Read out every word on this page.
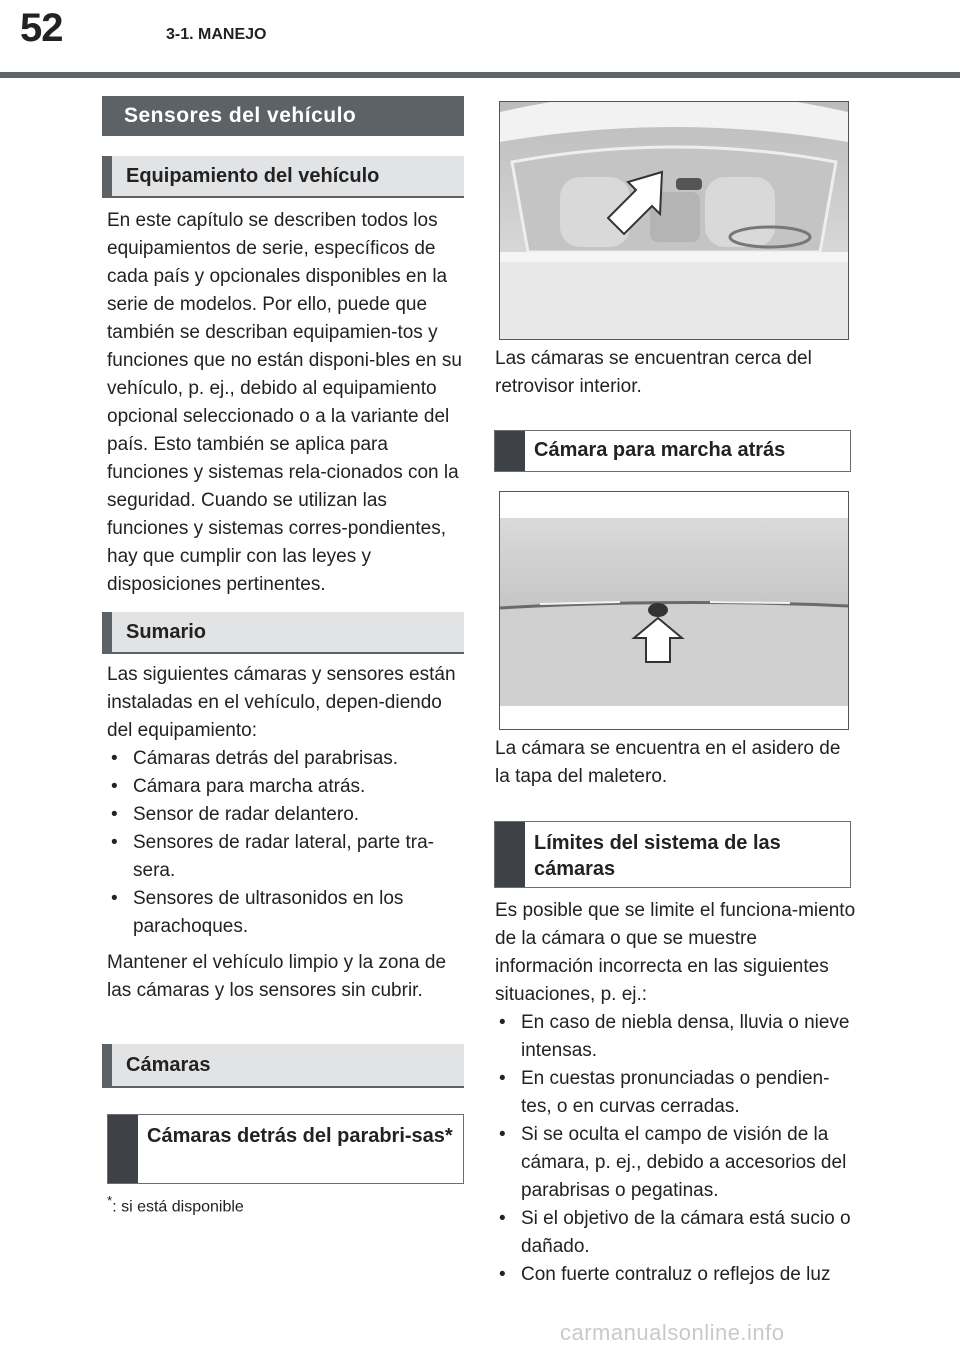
52	3-1. MANEJO
Sensores del vehículo
Equipamiento del vehículo

En este capítulo se describen todos los equipamientos de serie, específicos de cada país y opcionales disponibles en la serie de modelos. Por ello, puede que también se describan equipamien-tos y funciones que no están disponi-bles en su vehículo, p. ej., debido al equipamiento opcional seleccionado o a la variante del país. Esto también se aplica para funciones y sistemas rela-cionados con la seguridad. Cuando se utilizan las funciones y sistemas corres-pondientes, hay que cumplir con las leyes y disposiciones pertinentes.

Sumario

Las siguientes cámaras y sensores están instaladas en el vehículo, depen-diendo del equipamiento:

• Cámaras detrás del parabrisas.
• Cámara para marcha atrás.
• Sensor de radar delantero.
• Sensores de radar lateral, parte tra-sera.
• Sensores de ultrasonidos en los parachoques.

Mantener el vehículo limpio y la zona de las cámaras y los sensores sin cubrir.

Cámaras
Cámaras detrás del parabri-sas*
*: si está disponible

Las cámaras se encuentran cerca del retrovisor interior.

Cámara para marcha atrás

La cámara se encuentra en el asidero de la tapa del maletero.

Límites del sistema de las cámaras

Es posible que se limite el funciona-miento de la cámara o que se muestre información incorrecta en las siguientes situaciones, p. ej.:

• En caso de niebla densa, lluvia o nieve intensas.
• En cuestas pronunciadas o pendien-tes, o en curvas cerradas.
• Si se oculta el campo de visión de la cámara, p. ej., debido a accesorios del parabrisas o pegatinas.
• Si el objetivo de la cámara está sucio o dañado.
• Con fuerte contraluz o reflejos de luz
carmanualsonline.info
